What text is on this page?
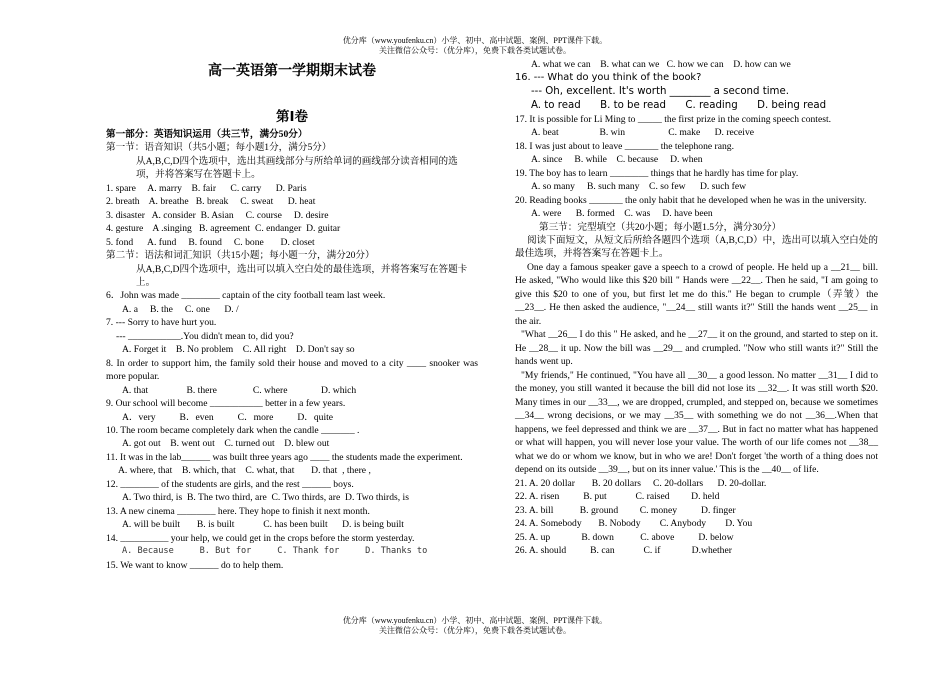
优分库（www.youfenku.cn）小学、初中、高中试题、案例、PPT课件下载。
关注微信公众号：（优分库），免费下载各类试题试卷。
高一英语第一学期期末试卷
第Ⅰ卷
第一部分：英语知识运用（共三节，满分50分）
第一节：语音知识（共5小题；每小题1分，满分5分）
从A,B,C,D四个选项中，选出其画线部分与所给单词的画线部分读音相同的选项，并将答案写在答题卡上。
1. spare     A. marry    B. fair      C. carry      D. Paris
2. breath    A. breathe   B. break     C. sweat      D. heat
3. disaster   A. consider  B. Asian     C. course     D. desire
4. gesture    A .singing   B. agreement  C. endanger  D. guitar
5. fond      A. fund     B. found     C. bone       D. closet
第二节：语法和词汇知识（共15小题；每小题一分，满分20分）
从A,B,C,D四个选项中，选出可以填入空白处的最佳选项，并将答案写在答题卡上。
6．John was made ________ captain of the city football team last week.
A. a     B. the     C. one      D. /
7. --- Sorry to have hurt you.
--- ___________.You didn't mean to, did you?
A. Forget it    B. No problem    C. All right    D. Don't say so
8. In order to support him, the family sold their house and moved to a city ____ snooker was more popular.
A. that                B. there               C. where              D. which
9. Our school will become ___________ better in a few years.
A．very          B．even          C．more          D．quite
10. The room became completely dark when the candle _______ .
A. got out    B. went out    C. turned out    D. blew out
11. It was in the lab______ was built three years ago ____ the students made the experiment.
A. where, that    B. which, that    C. what, that       D. that  , there ,
12. ________ of the students are girls, and the rest ______ boys.
A. Two third, is  B. The two third, are  C. Two thirds, are  D. Two thirds, is
13. A new cinema ________ here. They hope to finish it next month.
A. will be built       B. is built            C. has been built      D. is being built
14. __________ your help, we could get in the crops before the storm yesterday.
A. Because     B. But for     C. Thank for     D. Thanks to
15. We want to know ______ do to help them.
A. what we can    B. what can we   C. how we can    D. how can we
16. --- What do you think of the book?
--- Oh, excellent. It's worth ________ a second time.
A. to read      B. to be read      C. reading      D. being read
17. It is possible for Li Ming to _____ the first prize in the coming speech contest.
A. beat                 B. win                  C. make      D. receive
18. I was just about to leave _______ the telephone rang.
A. since     B. while    C. because     D. when
19. The boy has to learn ________ things that he hardly has time for play.
A. so many     B. such many    C. so few      D. such few
20. Reading books _______ the only habit that he developed when he was in the university.
A. were      B. formed    C. was     D. have been
第三节：完型填空（共20小题；每小题1.5分，满分30分）
阅读下面短文，从短文后所给各题四个选项（A,B,C,D）中，选出可以填入空白处的最佳选项，并将答案写在答题卡上。
One day a famous speaker gave a speech to a crowd of people. He held up a __21__ bill. He asked, "Who would like this $20 bill " Hands were __22__. Then he said, "I am going to give this $20 to one of you, but first let me do this." He began to crumple（弄皱）the __23__. He then asked the audience, "__24__ still wants it?" Still the hands went __25__ in the air.
"What __26__ I do this " He asked, and he __27__ it on the ground, and started to step on it. He __28__ it up. Now the bill was __29__ and crumpled. "Now who still wants it?" Still the hands went up.
"My friends," He continued, "You have all __30__ a good lesson. No matter __31__ I did to the money, you still wanted it because the bill did not lose its __32__. It was still worth $20. Many times in our __33__, we are dropped, crumpled, and stepped on, because we sometimes __34__ wrong decisions, or we may __35__ with something we do not __36__.When that happens, we feel depressed and think we are __37__. But in fact no matter what has happened or what will happen, you will never lose your value. The worth of our life comes not __38__ what we do or whom we know, but in who we are! Don't forget 'the worth of a thing does not depend on its outside __39__, but on its inner value.' This is the __40__ of life.
21. A. 20 dollar       B. 20 dollars     C. 20-dollars      D. 20-dollar.
22. A. risen          B. put            C. raised         D. held
23. A. bill           B. ground         C. money          D. finger
24. A. Somebody       B. Nobody        C. Anybody        D. You
25. A. up             B. down           C. above          D. below
26. A. should          B. can            C. if             D.whether
优分库（www.youfenku.cn）小学、初中、高中试题、案例、PPT课件下载。
关注微信公众号：（优分库），免费下载各类试题试卷。
